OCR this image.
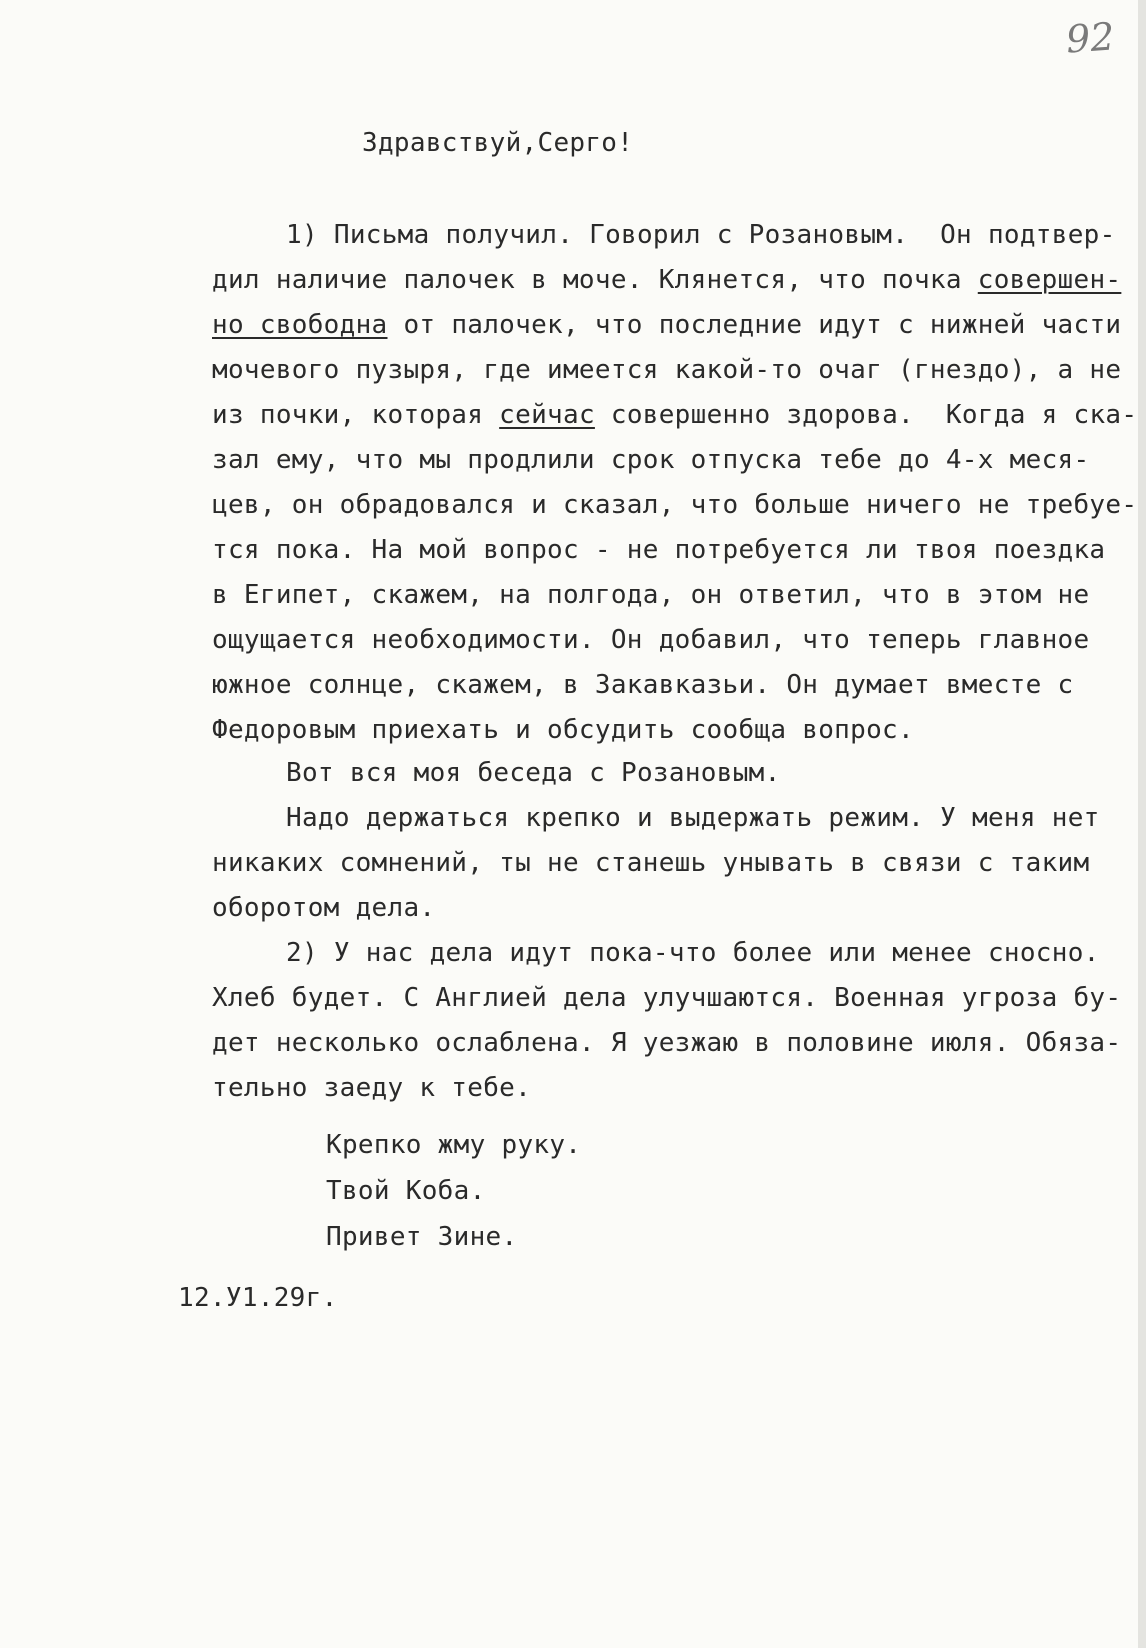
92
Здравствуй,Серго!
1) Письма получил. Говорил с Розановым.  Он подтвер-
дил наличие палочек в моче. Клянется, что почка совершен-
но свободна от палочек, что последние идут с нижней части
мочевого пузыря, где имеется какой-то очаг (гнездо), а не
из почки, которая сейчас совершенно здорова.  Когда я ска-
зал ему, что мы продлили срок отпуска тебе до 4-х меся-
цев, он обрадовался и сказал, что больше ничего не требуе-
тся пока. На мой вопрос - не потребуется ли твоя поездка
в Египет, скажем, на полгода, он ответил, что в этом не
ощущается необходимости. Он добавил, что теперь главное
южное солнце, скажем, в Закавказьи. Он думает вместе с
Федоровым приехать и обсудить сообща вопрос.
Вот вся моя беседа с Розановым.
Надо держаться крепко и выдержать режим. У меня нет
никаких сомнений, ты не станешь унывать в связи с таким
оборотом дела.
2) У нас дела идут пока-что более или менее сносно.
Хлеб будет. С Англией дела улучшаются. Военная угроза бу-
дет несколько ослаблена. Я уезжаю в половине июля. Обяза-
тельно заеду к тебе.
Крепко жму руку.
Твой Коба.
Привет Зине.
12.У1.29г.
